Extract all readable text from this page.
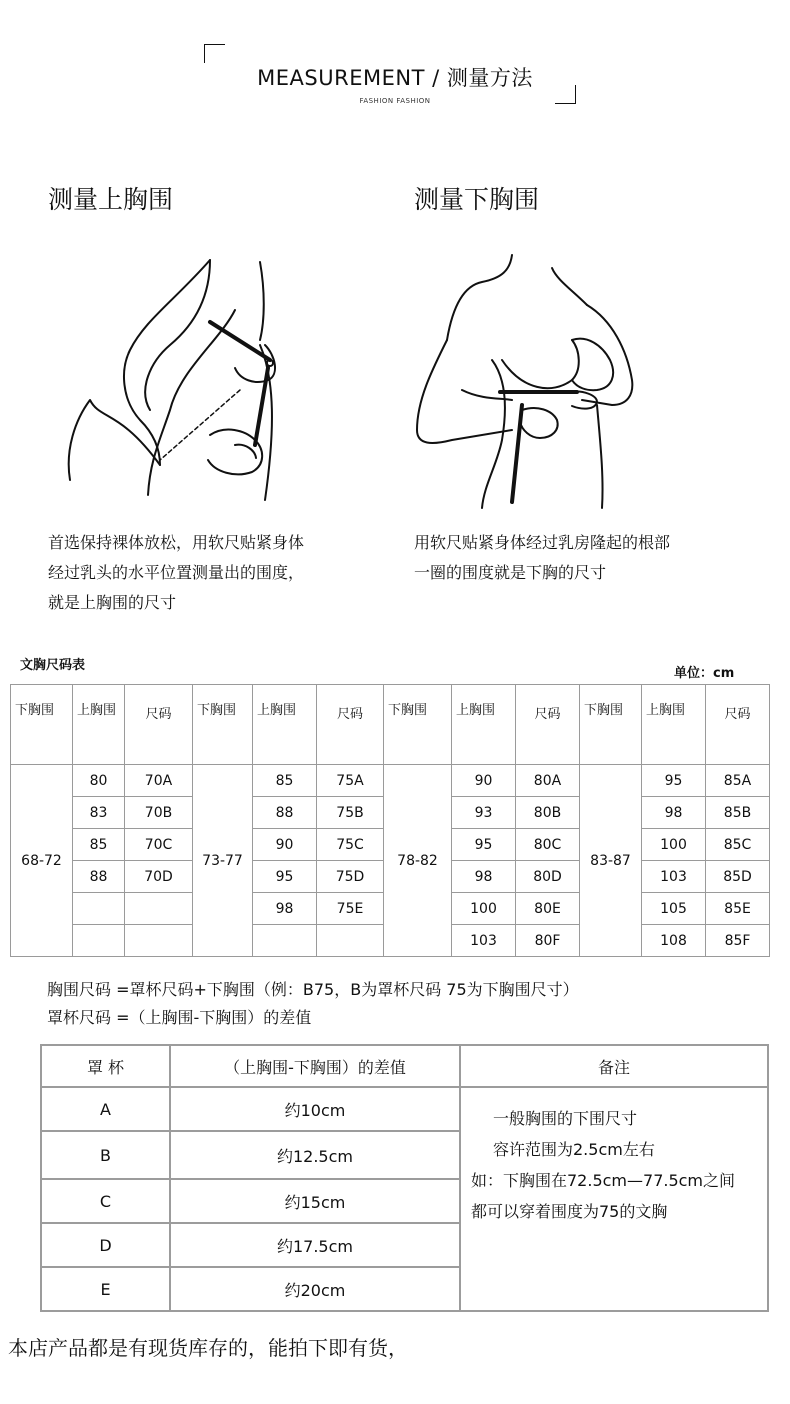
MEASUREMENT / 测量方法
FASHION FASHION
测量上胸围	测量下胸围
首选保持裸体放松，用软尺贴紧身体
经过乳头的水平位置测量出的围度，
就是上胸围的尺寸
用软尺贴紧身体经过乳房隆起的根部
一圈的围度就是下胸的尺寸
文胸尺码表
单位：cm
下胸围	上胸围	尺码	下胸围	上胸围	尺码	下胸围	上胸围	尺码	下胸围	上胸围	尺码
68-72	80	70A	73-77	85	75A	78-82	90	80A	83-87	95	85A
	83	70B		88	75B		93	80B		98	85B
	85	70C		90	75C		95	80C		100	85C
	88	70D		95	75D		98	80D		103	85D
				98	75E		100	80E		105	85E
							103	80F		108	85F
胸围尺码 =罩杯尺码+下胸围（例：B75，B为罩杯尺码 75为下胸围尺寸）
罩杯尺码 =（上胸围-下胸围）的差值
罩 杯	（上胸围-下胸围）的差值	备注
A	约10cm	一般胸围的下围尺寸
容许范围为2.5cm左右
如：下胸围在72.5cm—77.5cm之间
都可以穿着围度为75的文胸

B	约12.5cm	
C	约15cm	
D	约17.5cm	
E	约20cm	
本店产品都是有现货库存的，能拍下即有货，
